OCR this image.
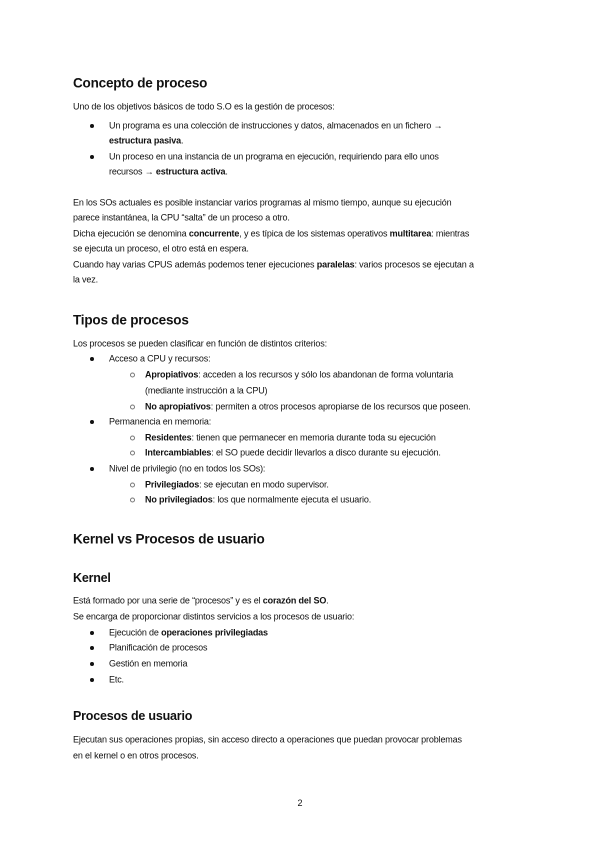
2
Concepto de proceso
Uno de los objetivos básicos de todo S.O es la gestión de procesos:
Un programa es una colección de instrucciones y datos, almacenados en un fichero →
estructura pasiva.
Un proceso en una instancia de un programa en ejecución, requiriendo para ello unos
recursos → estructura activa.
En los SOs actuales es posible instanciar varios programas al mismo tiempo, aunque su ejecución
parece instantánea, la CPU “salta” de un proceso a otro.
Dicha ejecución se denomina concurrente, y es típica de los sistemas operativos multitarea: mientras
se ejecuta un proceso, el otro está en espera.
Cuando hay varias CPUS además podemos tener ejecuciones paralelas: varios procesos se ejecutan a
la vez.
Tipos de procesos
Los procesos se pueden clasificar en función de distintos criterios:
Acceso a CPU y recursos:
Apropiativos: acceden a los recursos y sólo los abandonan de forma voluntaria
(mediante instrucción a la CPU)
No apropiativos: permiten a otros procesos apropiarse de los recursos que poseen.
Permanencia en memoria:
Residentes: tienen que permanecer en memoria durante toda su ejecución
Intercambiables: el SO puede decidir llevarlos a disco durante su ejecución.
Nivel de privilegio (no en todos los SOs):
Privilegiados: se ejecutan en modo supervisor.
No privilegiados: los que normalmente ejecuta el usuario.
Kernel vs Procesos de usuario
Kernel
Está formado por una serie de “procesos” y es el corazón del SO.
Se encarga de proporcionar distintos servicios a los procesos de usuario:
Ejecución de operaciones privilegiadas
Planificación de procesos
Gestión en memoria
Etc.
Procesos de usuario
Ejecutan sus operaciones propias, sin acceso directo a operaciones que puedan provocar problemas
en el kernel o en otros procesos.
